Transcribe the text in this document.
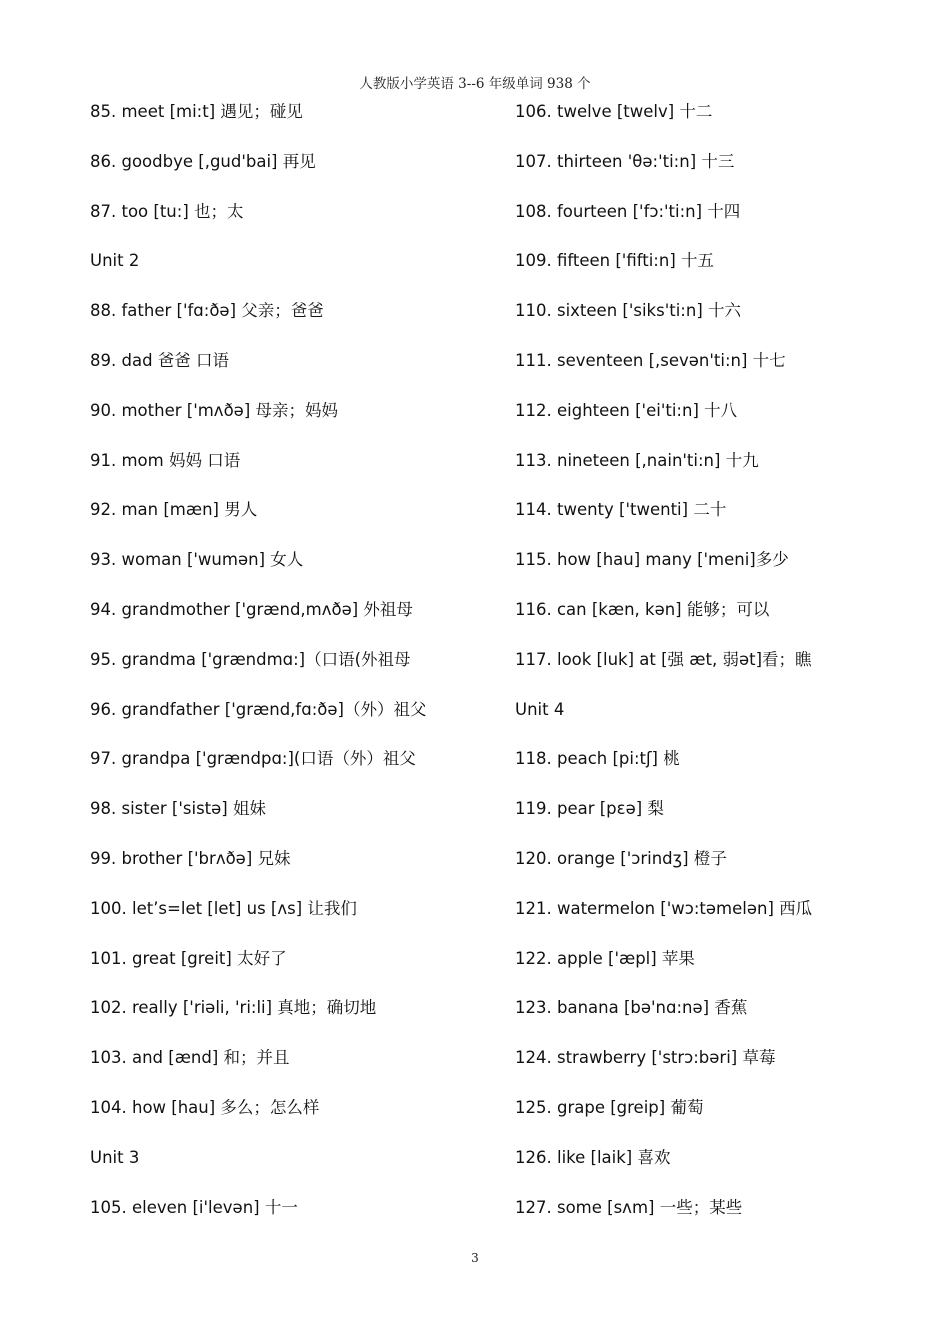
人教版小学英语 3--6 年级单词 938 个
85. meet [mi:t] 遇见；碰见
86. goodbye [,gud'bai] 再见
87. too [tu:] 也；太
Unit 2
88. father ['fɑ:ðə] 父亲；爸爸
89. dad 爸爸 口语
90. mother ['mʌðə] 母亲；妈妈
91. mom 妈妈 口语
92. man [mæn] 男人
93. woman ['wumən] 女人
94. grandmother ['grænd,mʌðə] 外祖母
95. grandma ['grændmɑ:]（口语(外祖母
96. grandfather ['grænd,fɑ:ðə]（外）祖父
97. grandpa ['grændpɑ:](口语（外）祖父
98. sister ['sistə] 姐妹
99. brother ['brʌðə] 兄妹
100. let’s=let [let] us [ʌs] 让我们
101. great [greit] 太好了
102. really ['riəli, 'ri:li] 真地；确切地
103. and [ænd] 和；并且
104. how [hau] 多么；怎么样
Unit 3
105. eleven [i'levən] 十一
106. twelve [twelv] 十二
107. thirteen 'θə:'ti:n] 十三
108. fourteen ['fɔ:'ti:n] 十四
109. fifteen ['fifti:n] 十五
110. sixteen ['siks'ti:n] 十六
111. seventeen [,sevən'ti:n] 十七
112. eighteen ['ei'ti:n] 十八
113. nineteen [,nain'ti:n] 十九
114. twenty ['twenti] 二十
115. how [hau] many ['meni]多少
116. can [kæn, kən] 能够；可以
117. look [luk] at [强 æt, 弱ət]看；瞧
Unit 4
118. peach [pi:tʃ] 桃
119. pear [pɛə] 梨
120. orange ['ɔrindʒ] 橙子
121. watermelon ['wɔ:təmelən] 西瓜
122. apple ['æpl] 苹果
123. banana [bə'nɑ:nə] 香蕉
124. strawberry ['strɔ:bəri] 草莓
125. grape [greip] 葡萄
126. like [laik] 喜欢
127. some [sʌm] 一些；某些
3
